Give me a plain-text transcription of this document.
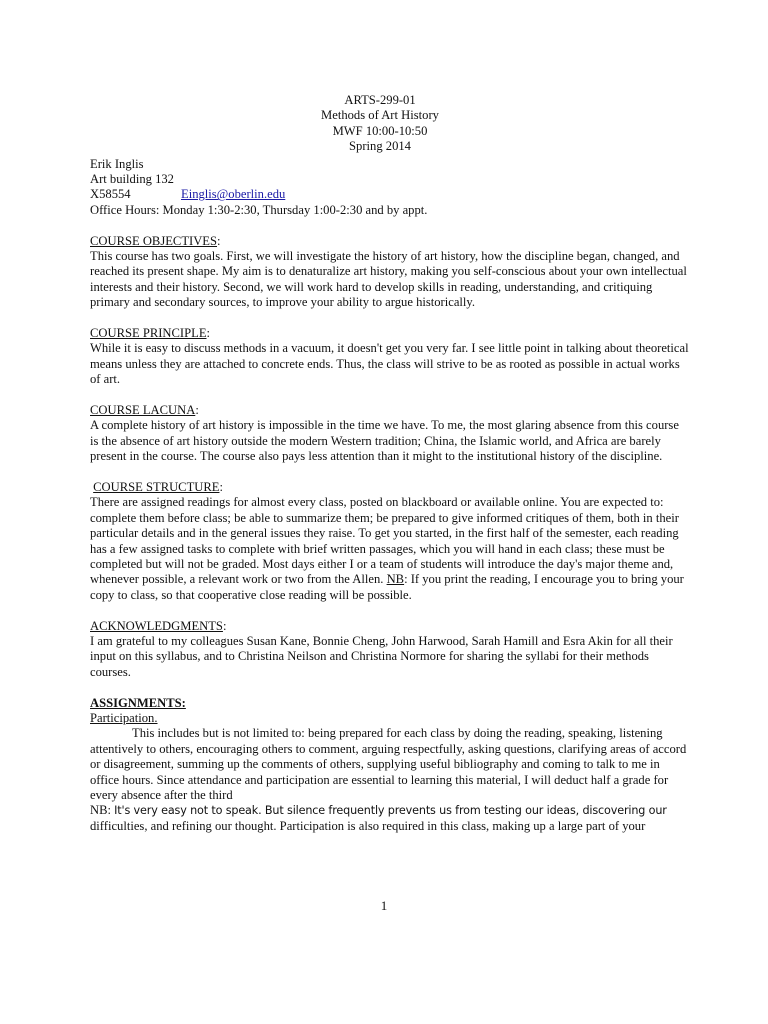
ARTS-299-01
Methods of Art History
MWF 10:00-10:50
Spring 2014
Erik Inglis
Art building 132
X58554	Einglis@oberlin.edu
Office Hours: Monday 1:30-2:30, Thursday 1:00-2:30 and by appt.
COURSE OBJECTIVES:

This course has two goals. First, we will investigate the history of art history, how the discipline began, changed, and reached its present shape. My aim is to denaturalize art history, making you self-conscious about your own intellectual interests and their history. Second, we will work hard to develop skills in reading, understanding, and critiquing primary and secondary sources, to improve your ability to argue historically.

COURSE PRINCIPLE:

While it is easy to discuss methods in a vacuum, it doesn't get you very far. I see little point in talking about theoretical means unless they are attached to concrete ends. Thus, the class will strive to be as rooted as possible in actual works of art.

COURSE LACUNA:

A complete history of art history is impossible in the time we have. To me, the most glaring absence from this course is the absence of art history outside the modern Western tradition; China, the Islamic world, and Africa are barely present in the course. The course also pays less attention than it might to the institutional history of the discipline.

COURSE STRUCTURE:

There are assigned readings for almost every class, posted on blackboard or available online. You are expected to: complete them before class; be able to summarize them; be prepared to give informed critiques of them, both in their particular details and in the general issues they raise. To get you started, in the first half of the semester, each reading has a few assigned tasks to complete with brief written passages, which you will hand in each class; these must be completed but will not be graded. Most days either I or a team of students will introduce the day's major theme and, whenever possible, a relevant work or two from the Allen. NB: If you print the reading, I encourage you to bring your copy to class, so that cooperative close reading will be possible.

ACKNOWLEDGMENTS:

I am grateful to my colleagues Susan Kane, Bonnie Cheng, John Harwood, Sarah Hamill and Esra Akin for all their input on this syllabus, and to Christina Neilson and Christina Normore for sharing the syllabi for their methods courses.

ASSIGNMENTS:
Participation.

This includes but is not limited to: being prepared for each class by doing the reading, speaking, listening attentively to others, encouraging others to comment, arguing respectfully, asking questions, clarifying areas of accord or disagreement, summing up the comments of others, supplying useful bibliography and coming to talk to me in office hours. Since attendance and participation are essential to learning this material, I will deduct half a grade for every absence after the third

NB: It's very easy not to speak. But silence frequently prevents us from testing our ideas, discovering our
difficulties, and refining our thought. Participation is also required in this class, making up a large part of your
1
